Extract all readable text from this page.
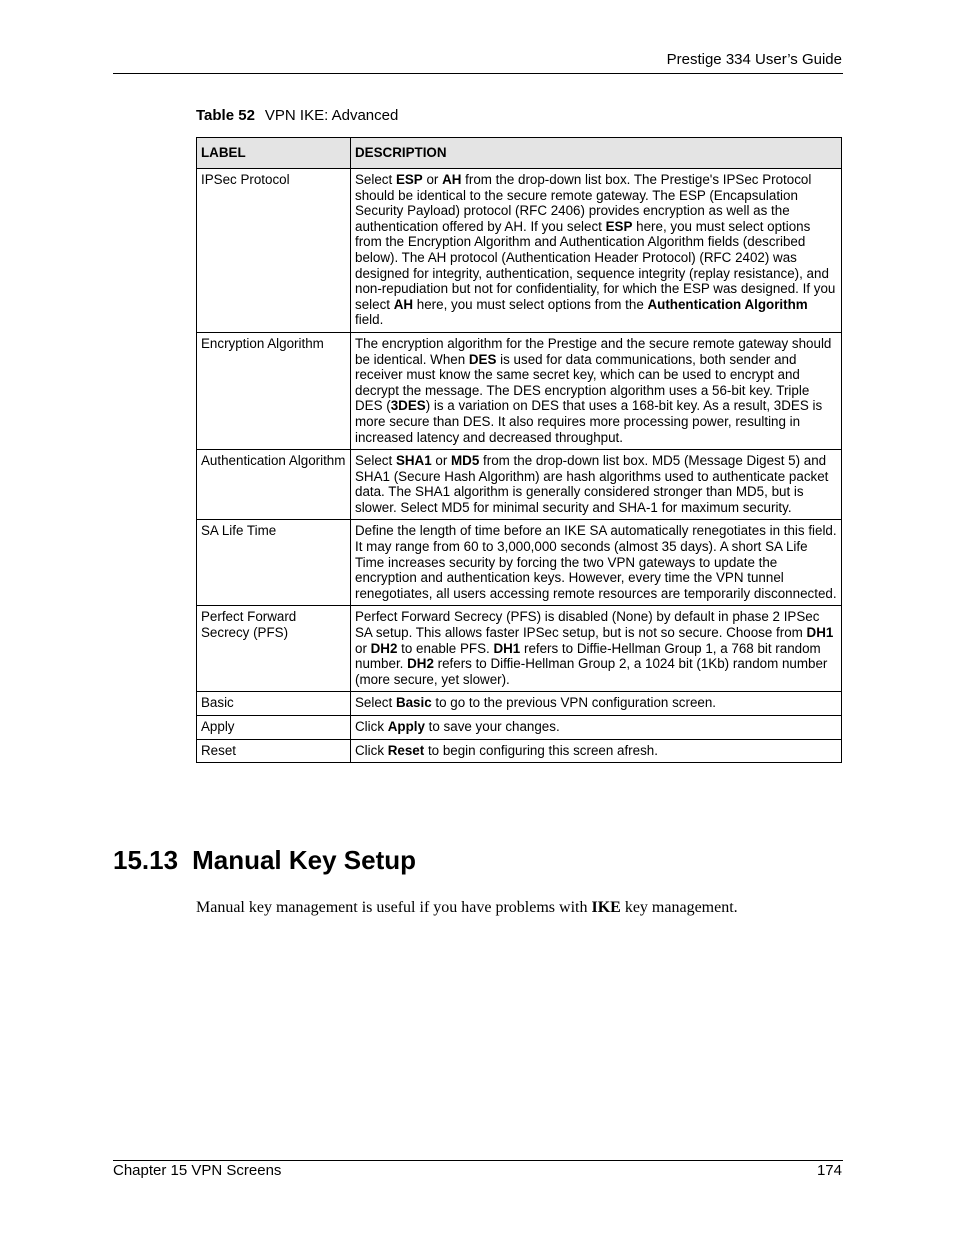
Prestige 334 User’s Guide
Table 52 VPN IKE: Advanced
LABEL	DESCRIPTION
IPSec Protocol	Select ESP or AH from the drop-down list box. The Prestige's IPSec Protocol should be identical to the secure remote gateway. The ESP (Encapsulation Security Payload) protocol (RFC 2406) provides encryption as well as the authentication offered by AH. If you select ESP here, you must select options from the Encryption Algorithm and Authentication Algorithm fields (described below). The AH protocol (Authentication Header Protocol) (RFC 2402) was designed for integrity, authentication, sequence integrity (replay resistance), and non-repudiation but not for confidentiality, for which the ESP was designed. If you select AH here, you must select options from the Authentication Algorithm field.
Encryption Algorithm	The encryption algorithm for the Prestige and the secure remote gateway should be identical. When DES is used for data communications, both sender and receiver must know the same secret key, which can be used to encrypt and decrypt the message. The DES encryption algorithm uses a 56-bit key. Triple DES (3DES) is a variation on DES that uses a 168-bit key. As a result, 3DES is more secure than DES. It also requires more processing power, resulting in increased latency and decreased throughput.
Authentication Algorithm	Select SHA1 or MD5 from the drop-down list box. MD5 (Message Digest 5) and SHA1 (Secure Hash Algorithm) are hash algorithms used to authenticate packet data. The SHA1 algorithm is generally considered stronger than MD5, but is slower. Select MD5 for minimal security and SHA-1 for maximum security.
SA Life Time	Define the length of time before an IKE SA automatically renegotiates in this field. It may range from 60 to 3,000,000 seconds (almost 35 days). A short SA Life Time increases security by forcing the two VPN gateways to update the encryption and authentication keys. However, every time the VPN tunnel renegotiates, all users accessing remote resources are temporarily disconnected.
Perfect Forward Secrecy (PFS)	Perfect Forward Secrecy (PFS) is disabled (None) by default in phase 2 IPSec SA setup. This allows faster IPSec setup, but is not so secure. Choose from DH1 or DH2 to enable PFS. DH1 refers to Diffie-Hellman Group 1, a 768 bit random number. DH2 refers to Diffie-Hellman Group 2, a 1024 bit (1Kb) random number (more secure, yet slower).
Basic	Select Basic to go to the previous VPN configuration screen.
Apply	Click Apply to save your changes.
Reset	Click Reset to begin configuring this screen afresh.
15.13 Manual Key Setup

Manual key management is useful if you have problems with IKE key management.

Chapter 15 VPN Screens	174
